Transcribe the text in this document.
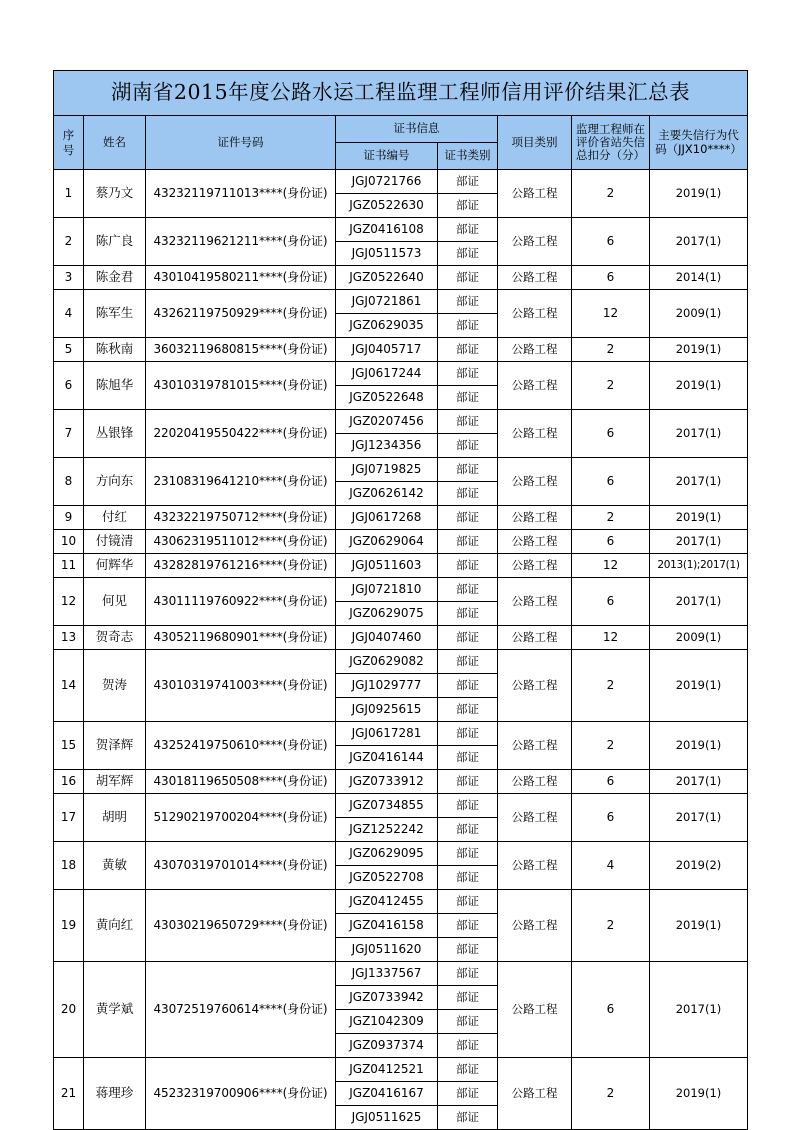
湖南省2015年度公路水运工程监理工程师信用评价结果汇总表							

序
号	姓名	证件号码	证书信息		项目类别	监理工程师在评价省站失信总扣分（分）	主要失信行为代码（JJX10****）
			证书编号	证书类别			
1	蔡乃文	43232119711013****(身份证)	JGJ0721766	部证	公路工程	2	2019(1)
			JGZ0522630	部证			
2	陈广良	43232119621211****(身份证)	JGZ0416108	部证	公路工程	6	2017(1)
			JGJ0511573	部证			
3	陈金君	43010419580211****(身份证)	JGZ0522640	部证	公路工程	6	2014(1)
4	陈军生	43262119750929****(身份证)	JGJ0721861	部证	公路工程	12	2009(1)
			JGZ0629035	部证			
5	陈秋南	36032119680815****(身份证)	JGJ0405717	部证	公路工程	2	2019(1)
6	陈旭华	43010319781015****(身份证)	JGJ0617244	部证	公路工程	2	2019(1)
			JGZ0522648	部证			
7	丛银锋	22020419550422****(身份证)	JGZ0207456	部证	公路工程	6	2017(1)
			JGJ1234356	部证			
8	方向东	23108319641210****(身份证)	JGJ0719825	部证	公路工程	6	2017(1)
			JGZ0626142	部证			
9	付红	43232219750712****(身份证)	JGJ0617268	部证	公路工程	2	2019(1)
10	付镜清	43062319511012****(身份证)	JGZ0629064	部证	公路工程	6	2017(1)
11	何辉华	43282819761216****(身份证)	JGJ0511603	部证	公路工程	12	2013(1);2017(1)
12	何见	43011119760922****(身份证)	JGJ0721810	部证	公路工程	6	2017(1)
			JGZ0629075	部证			
13	贺奇志	43052119680901****(身份证)	JGJ0407460	部证	公路工程	12	2009(1)
14	贺涛	43010319741003****(身份证)	JGZ0629082	部证	公路工程	2	2019(1)
			JGJ1029777	部证			
			JGJ0925615	部证			
15	贺泽辉	43252419750610****(身份证)	JGJ0617281	部证	公路工程	2	2019(1)
			JGZ0416144	部证			
16	胡军辉	43018119650508****(身份证)	JGZ0733912	部证	公路工程	6	2017(1)
17	胡明	51290219700204****(身份证)	JGZ0734855	部证	公路工程	6	2017(1)
			JGZ1252242	部证			
18	黄敏	43070319701014****(身份证)	JGZ0629095	部证	公路工程	4	2019(2)
			JGZ0522708	部证			
19	黄向红	43030219650729****(身份证)	JGZ0412455	部证	公路工程	2	2019(1)
			JGZ0416158	部证			
			JGJ0511620	部证			
20	黄学斌	43072519760614****(身份证)	JGJ1337567	部证	公路工程	6	2017(1)
			JGZ0733942	部证			
			JGZ1042309	部证			
			JGZ0937374	部证			
21	蒋理珍	45232319700906****(身份证)	JGZ0412521	部证	公路工程	2	2019(1)
			JGZ0416167	部证			
			JGJ0511625	部证			
